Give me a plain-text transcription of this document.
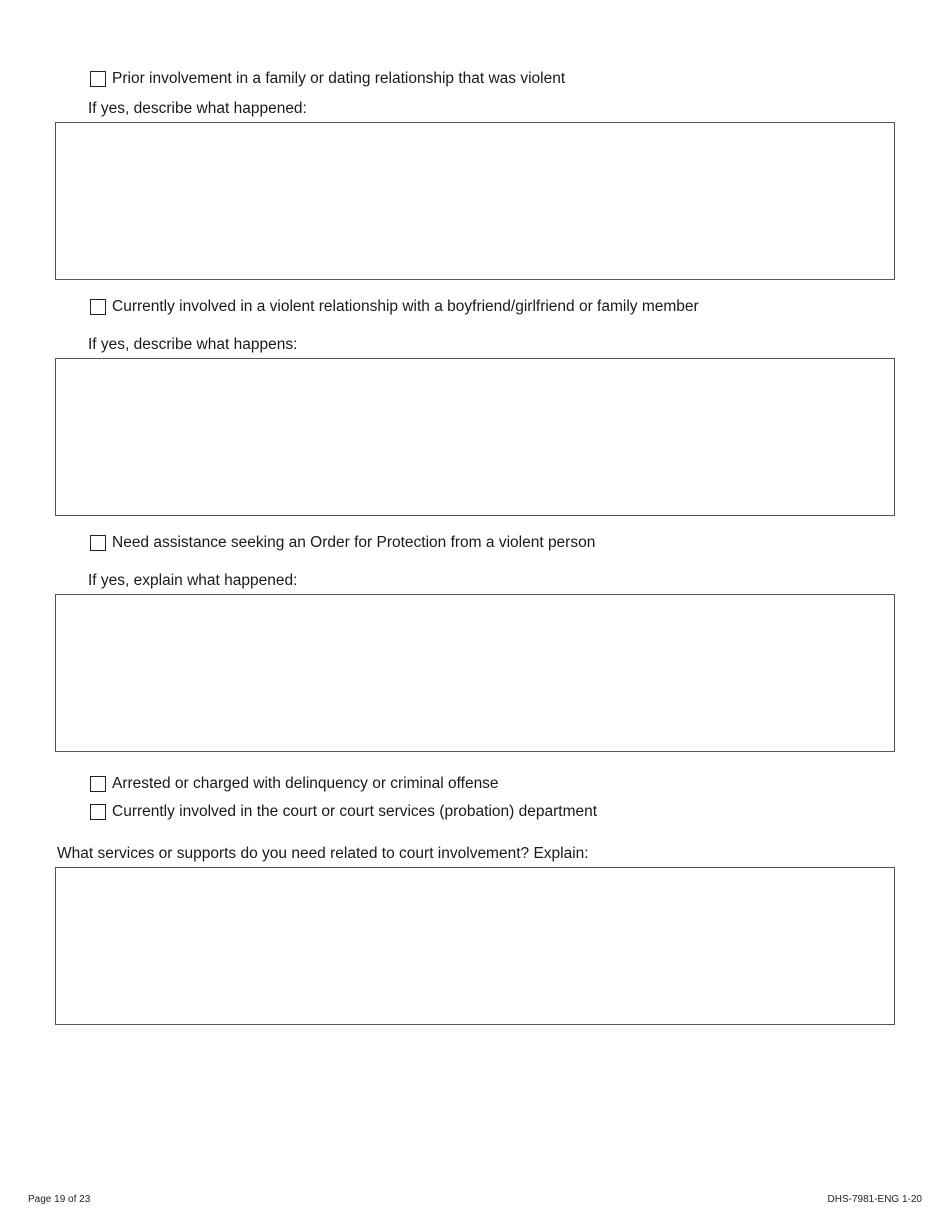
Prior involvement in a family or dating relationship that was violent
If yes, describe what happened:
Currently involved in a violent relationship with a boyfriend/girlfriend or family member
If yes, describe what happens:
Need assistance seeking an Order for Protection from a violent person
If yes, explain what happened:
Arrested or charged with delinquency or criminal offense
Currently involved in the court or court services (probation) department
What services or supports do you need related to court involvement? Explain:
Page 19 of 23	DHS-7981-ENG 1-20
